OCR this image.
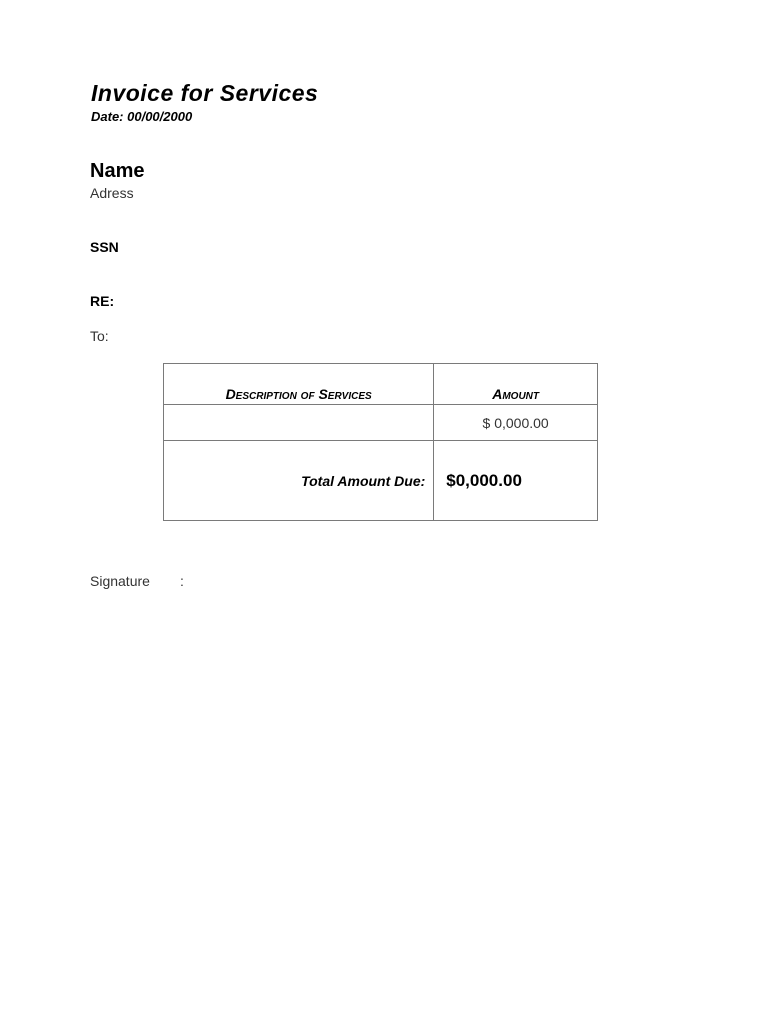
Invoice for Services
Date: 00/00/2000
Name
Adress
SSN
RE:
To:
Description of Services	Amount
	$ 0,000.00
Total Amount Due:	$0,000.00
Signature :
